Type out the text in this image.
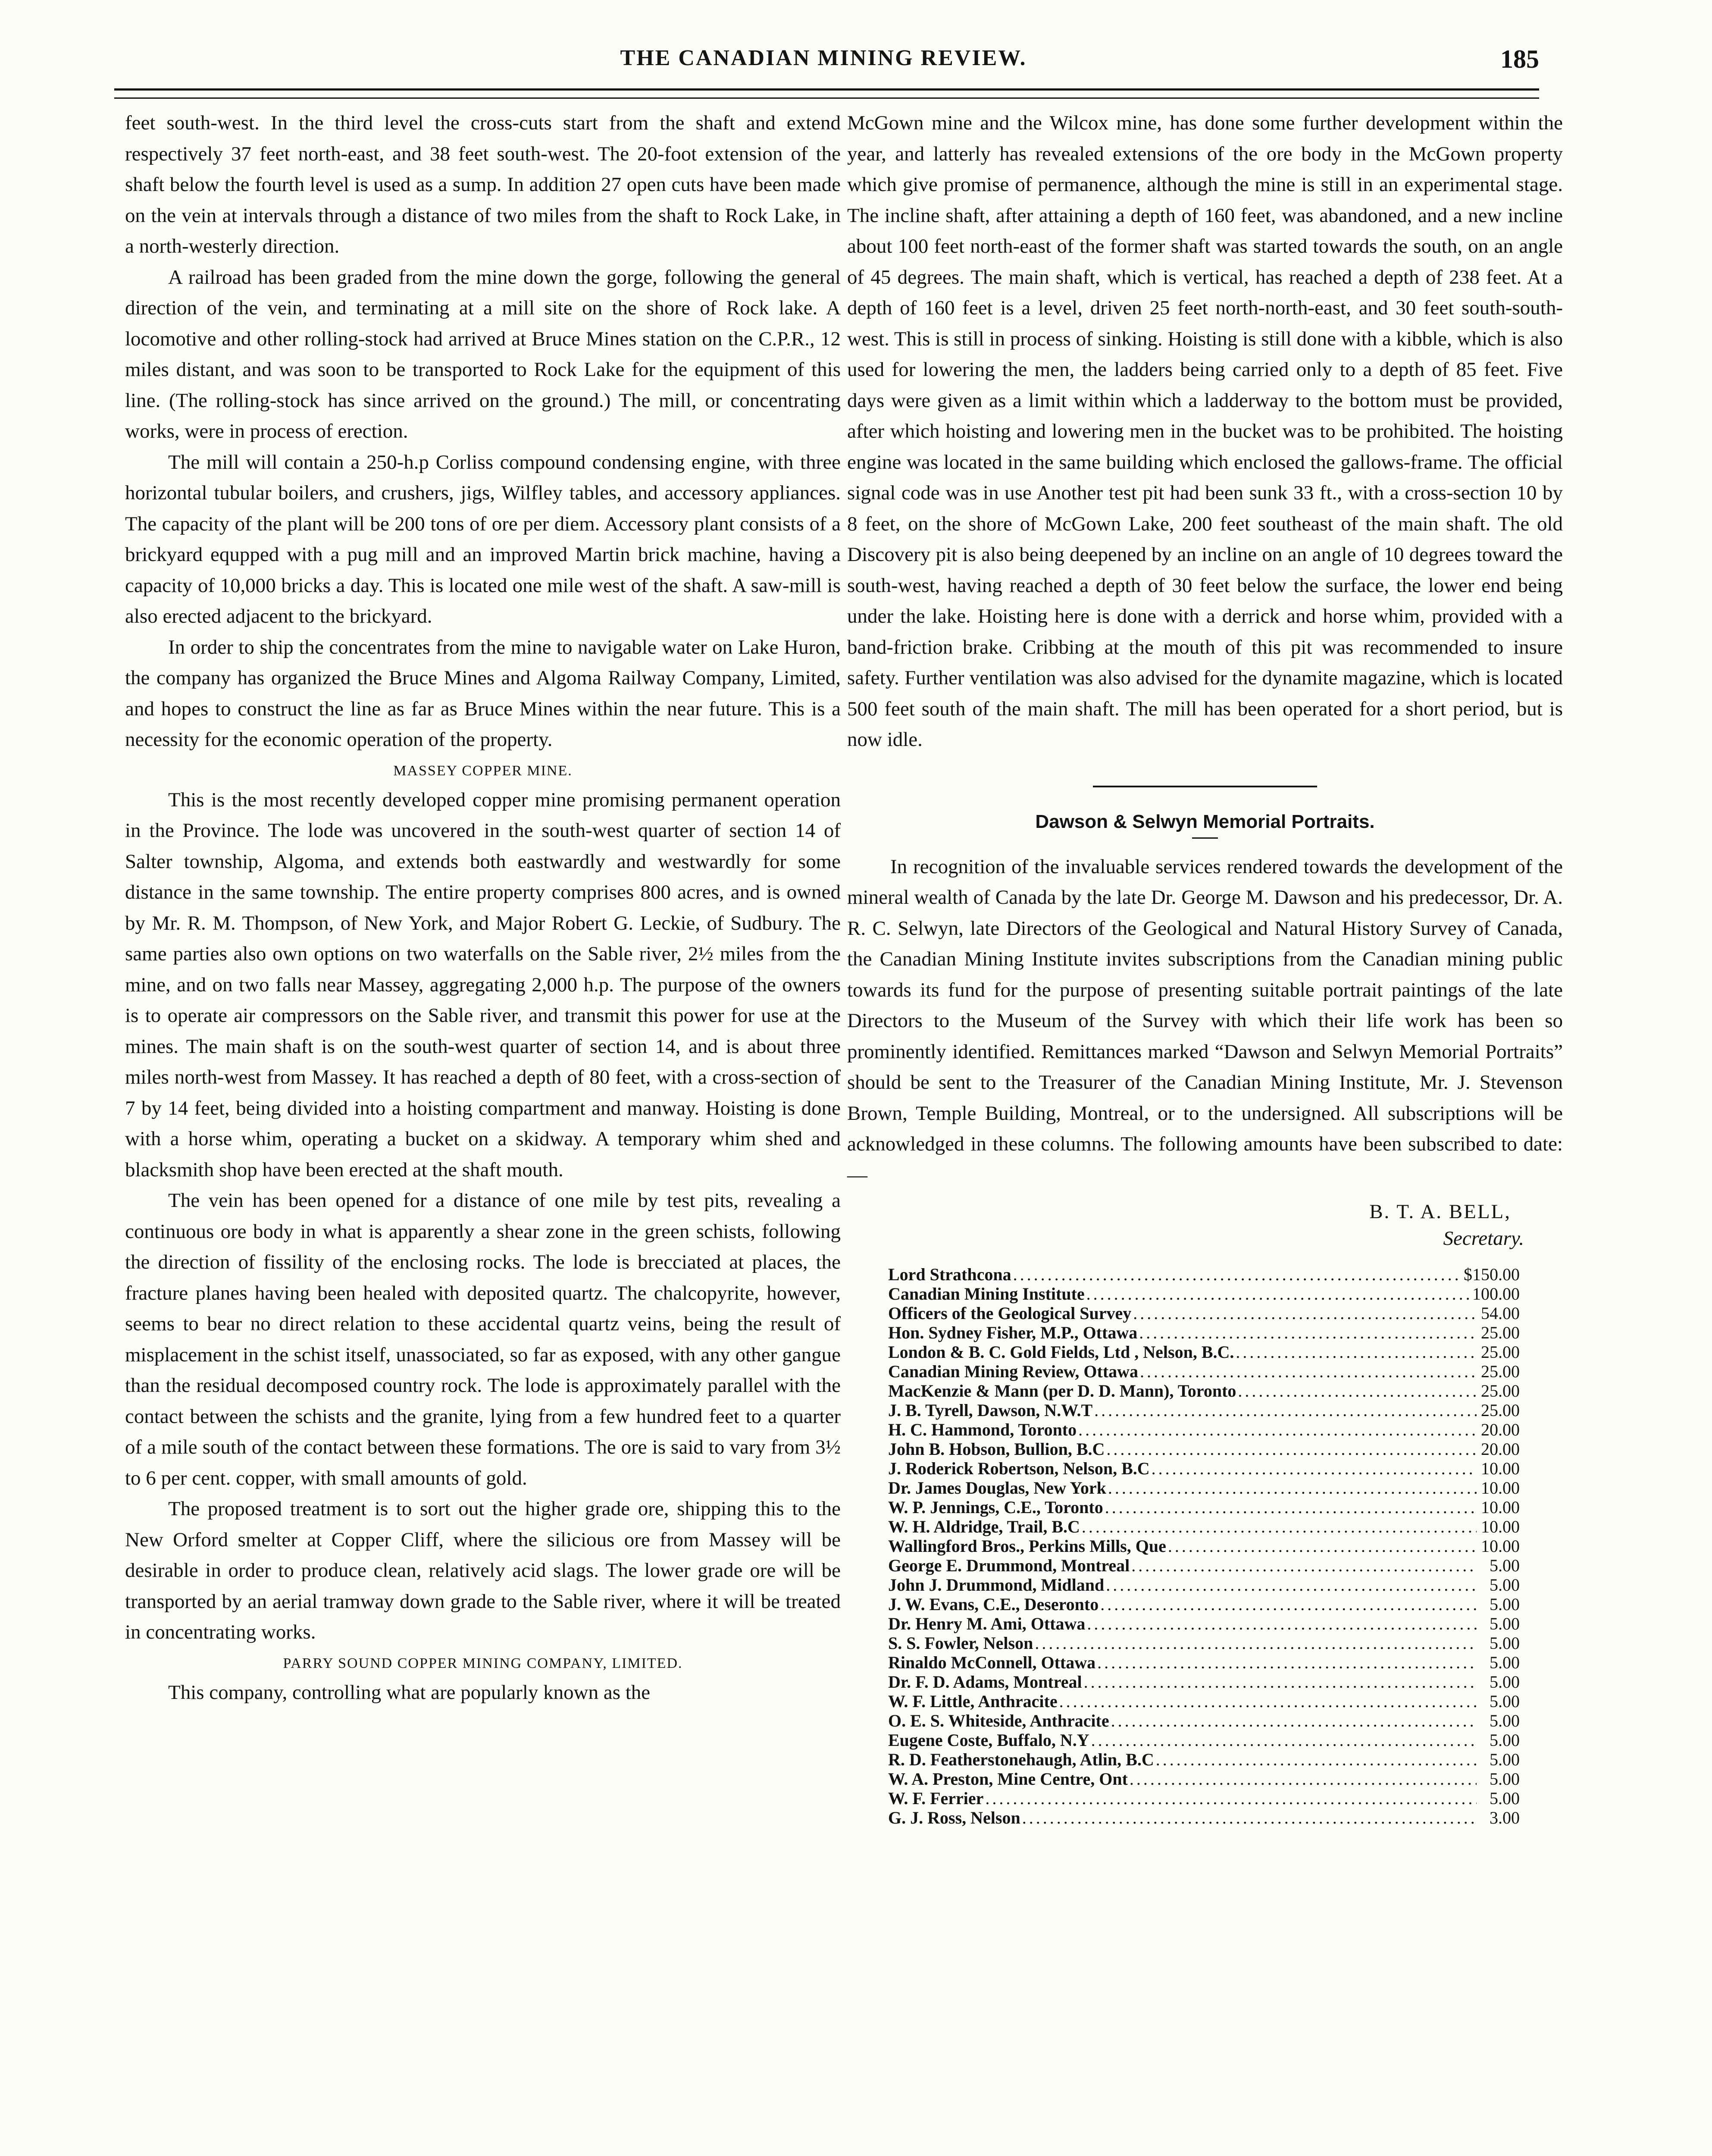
THE CANADIAN MINING REVIEW.	185

feet south-west. In the third level the cross-cuts start from the shaft and extend respectively 37 feet north-east, and 38 feet south-west. The 20-foot extension of the shaft below the fourth level is used as a sump. In addition 27 open cuts have been made on the vein at intervals through a distance of two miles from the shaft to Rock Lake, in a north-westerly direction.

A railroad has been graded from the mine down the gorge, following the general direction of the vein, and terminating at a mill site on the shore of Rock lake. A locomotive and other rolling-stock had arrived at Bruce Mines station on the C.P.R., 12 miles distant, and was soon to be transported to Rock Lake for the equipment of this line. (The rolling-stock has since arrived on the ground.) The mill, or concentrating works, were in process of erection.

The mill will contain a 250-h.p Corliss compound condensing engine, with three horizontal tubular boilers, and crushers, jigs, Wilfley tables, and accessory appliances. The capacity of the plant will be 200 tons of ore per diem. Accessory plant consists of a brickyard equpped with a pug mill and an improved Martin brick machine, having a capacity of 10,000 bricks a day. This is located one mile west of the shaft. A saw-mill is also erected adjacent to the brickyard.

In order to ship the concentrates from the mine to navigable water on Lake Huron, the company has organized the Bruce Mines and Algoma Railway Company, Limited, and hopes to construct the line as far as Bruce Mines within the near future. This is a necessity for the economic operation of the property.

MASSEY COPPER MINE.

This is the most recently developed copper mine promising permanent operation in the Province. The lode was uncovered in the south-west quarter of section 14 of Salter township, Algoma, and extends both eastwardly and westwardly for some distance in the same township. The entire property comprises 800 acres, and is owned by Mr. R. M. Thompson, of New York, and Major Robert G. Leckie, of Sudbury. The same parties also own options on two waterfalls on the Sable river, 2½ miles from the mine, and on two falls near Massey, aggregating 2,000 h.p. The purpose of the owners is to operate air compressors on the Sable river, and transmit this power for use at the mines. The main shaft is on the south-west quarter of section 14, and is about three miles north-west from Massey. It has reached a depth of 80 feet, with a cross-section of 7 by 14 feet, being divided into a hoisting compartment and manway. Hoisting is done with a horse whim, operating a bucket on a skidway. A temporary whim shed and blacksmith shop have been erected at the shaft mouth.

The vein has been opened for a distance of one mile by test pits, revealing a continuous ore body in what is apparently a shear zone in the green schists, following the direction of fissility of the enclosing rocks. The lode is brecciated at places, the fracture planes having been healed with deposited quartz. The chalcopyrite, however, seems to bear no direct relation to these accidental quartz veins, being the result of misplacement in the schist itself, unassociated, so far as exposed, with any other gangue than the residual decomposed country rock. The lode is approximately parallel with the contact between the schists and the granite, lying from a few hundred feet to a quarter of a mile south of the contact between these formations. The ore is said to vary from 3½ to 6 per cent. copper, with small amounts of gold.

The proposed treatment is to sort out the higher grade ore, shipping this to the New Orford smelter at Copper Cliff, where the silicious ore from Massey will be desirable in order to produce clean, relatively acid slags. The lower grade ore will be transported by an aerial tramway down grade to the Sable river, where it will be treated in concentrating works.

PARRY SOUND COPPER MINING COMPANY, LIMITED.

This company, controlling what are popularly known as the

McGown mine and the Wilcox mine, has done some further development within the year, and latterly has revealed extensions of the ore body in the McGown property which give promise of permanence, although the mine is still in an experimental stage. The incline shaft, after attaining a depth of 160 feet, was abandoned, and a new incline about 100 feet north-east of the former shaft was started towards the south, on an angle of 45 degrees. The main shaft, which is vertical, has reached a depth of 238 feet. At a depth of 160 feet is a level, driven 25 feet north-north-east, and 30 feet south-south-west. This is still in process of sinking. Hoisting is still done with a kibble, which is also used for lowering the men, the ladders being carried only to a depth of 85 feet. Five days were given as a limit within which a ladderway to the bottom must be provided, after which hoisting and lowering men in the bucket was to be prohibited. The hoisting engine was located in the same building which enclosed the gallows-frame. The official signal code was in use Another test pit had been sunk 33 ft., with a cross-section 10 by 8 feet, on the shore of McGown Lake, 200 feet southeast of the main shaft. The old Discovery pit is also being deepened by an incline on an angle of 10 degrees toward the south-west, having reached a depth of 30 feet below the surface, the lower end being under the lake. Hoisting here is done with a derrick and horse whim, provided with a band-friction brake. Cribbing at the mouth of this pit was recommended to insure safety. Further ventilation was also advised for the dynamite magazine, which is located 500 feet south of the main shaft. The mill has been operated for a short period, but is now idle.

Dawson & Selwyn Memorial Portraits.

In recognition of the invaluable services rendered towards the development of the mineral wealth of Canada by the late Dr. George M. Dawson and his predecessor, Dr. A. R. C. Selwyn, late Directors of the Geological and Natural History Survey of Canada, the Canadian Mining Institute invites subscriptions from the Canadian mining public towards its fund for the purpose of presenting suitable portrait paintings of the late Directors to the Museum of the Survey with which their life work has been so prominently identified. Remittances marked “Dawson and Selwyn Memorial Portraits” should be sent to the Treasurer of the Canadian Mining Institute, Mr. J. Stevenson Brown, Temple Building, Montreal, or to the undersigned. All subscriptions will be acknowledged in these columns. The following amounts have been subscribed to date:—

B. T. A. BELL,
Secretary.
Lord Strathcona .....	$150.00
Canadian Mining Institute .....	100.00
Officers of the Geological Survey .....	54.00
Hon. Sydney Fisher, M.P., Ottawa .....	25.00
London & B. C. Gold Fields, Ltd , Nelson, B.C. .....	25.00
Canadian Mining Review, Ottawa .....	25.00
MacKenzie & Mann (per D. D. Mann), Toronto .....	25.00
J. B. Tyrell, Dawson, N.W.T .....	25.00
H. C. Hammond, Toronto .....	20.00
John B. Hobson, Bullion, B.C .....	20.00
J. Roderick Robertson, Nelson, B.C .....	10.00
Dr. James Douglas, New York .....	10.00
W. P. Jennings, C.E., Toronto .....	10.00
W. H. Aldridge, Trail, B.C .....	10.00
Wallingford Bros., Perkins Mills, Que .....	10.00
George E. Drummond, Montreal .....	5.00
John J. Drummond, Midland .....	5.00
J. W. Evans, C.E., Deseronto .....	5.00
Dr. Henry M. Ami, Ottawa .....	5.00
S. S. Fowler, Nelson .....	5.00
Rinaldo McConnell, Ottawa .....	5.00
Dr. F. D. Adams, Montreal .....	5.00
W. F. Little, Anthracite .....	5.00
O. E. S. Whiteside, Anthracite .....	5.00
Eugene Coste, Buffalo, N.Y .....	5.00
R. D. Featherstonehaugh, Atlin, B.C .....	5.00
W. A. Preston, Mine Centre, Ont .....	5.00
W. F. Ferrier .....	5.00
G. J. Ross, Nelson .....	3.00
